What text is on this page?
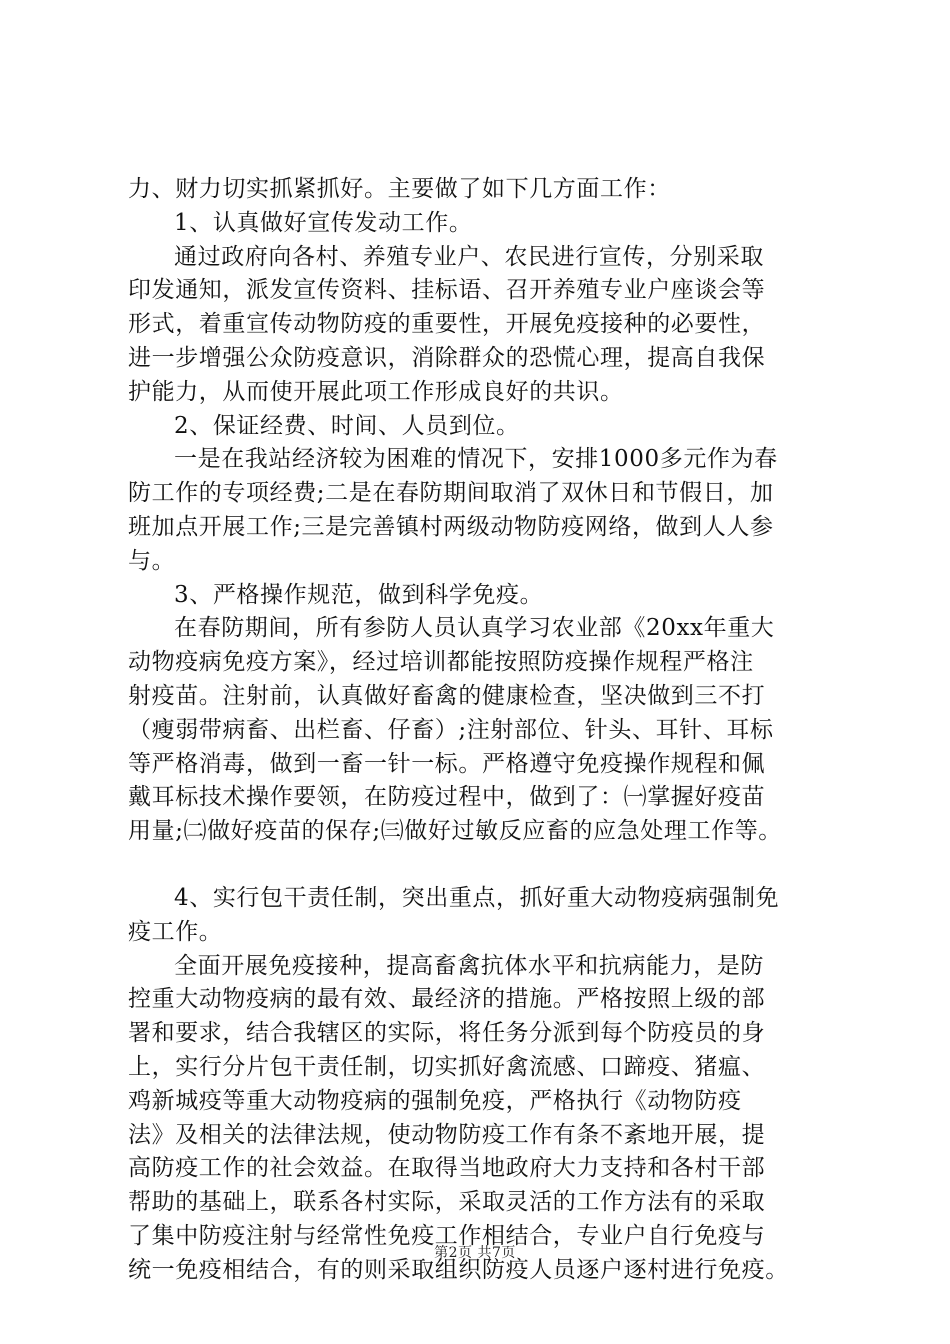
力、财力切实抓紧抓好。主要做了如下几方面工作：
1、认真做好宣传发动工作。
通过政府向各村、养殖专业户、农民进行宣传，分别采取
印发通知，派发宣传资料、挂标语、召开养殖专业户座谈会等
形式，着重宣传动物防疫的重要性，开展免疫接种的必要性，
进一步增强公众防疫意识，消除群众的恐慌心理，提高自我保
护能力，从而使开展此项工作形成良好的共识。
2、保证经费、时间、人员到位。
一是在我站经济较为困难的情况下，安排1000多元作为春
防工作的专项经费;二是在春防期间取消了双休日和节假日，加
班加点开展工作;三是完善镇村两级动物防疫网络，做到人人参
与。
3、严格操作规范，做到科学免疫。
在春防期间，所有参防人员认真学习农业部《20xx年重大
动物疫病免疫方案》，经过培训都能按照防疫操作规程严格注
射疫苗。注射前，认真做好畜禽的健康检查，坚决做到三不打
（瘦弱带病畜、出栏畜、仔畜）;注射部位、针头、耳针、耳标
等严格消毒，做到一畜一针一标。严格遵守免疫操作规程和佩
戴耳标技术操作要领，在防疫过程中，做到了：㈠掌握好疫苗
用量;㈡做好疫苗的保存;㈢做好过敏反应畜的应急处理工作等。
4、实行包干责任制，突出重点，抓好重大动物疫病强制免
疫工作。
全面开展免疫接种，提高畜禽抗体水平和抗病能力，是防
控重大动物疫病的最有效、最经济的措施。严格按照上级的部
署和要求，结合我辖区的实际，将任务分派到每个防疫员的身
上，实行分片包干责任制，切实抓好禽流感、口蹄疫、猪瘟、
鸡新城疫等重大动物疫病的强制免疫，严格执行《动物防疫
法》及相关的法律法规，使动物防疫工作有条不紊地开展，提
高防疫工作的社会效益。在取得当地政府大力支持和各村干部
帮助的基础上，联系各村实际，采取灵活的工作方法有的采取
了集中防疫注射与经常性免疫工作相结合，专业户自行免疫与
统一免疫相结合，有的则采取组织防疫人员逐户逐村进行免疫。
第2页 共7页
